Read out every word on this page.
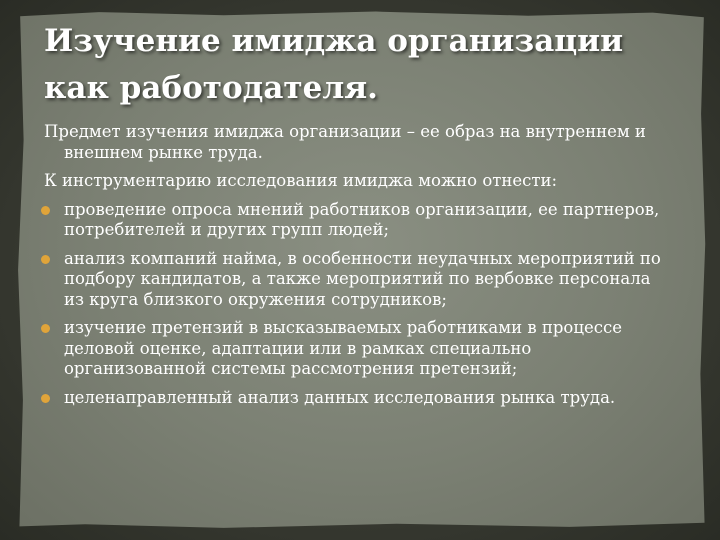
Изучение имиджа организации как работодателя.

Предмет изучения имиджа организации – ее образ на внутреннем и внешнем рынке труда.

К инструментарию исследования имиджа можно отнести:

проведение опроса мнений работников организации, ее партнеров, потребителей и других групп людей;
анализ компаний найма, в особенности неудачных мероприятий по подбору кандидатов, а также мероприятий по вербовке персонала из круга близкого окружения сотрудников;
изучение претензий в высказываемых работниками в процессе деловой оценке, адаптации или в рамках специально организованной системы рассмотрения претензий;
целенаправленный анализ данных исследования рынка труда.
